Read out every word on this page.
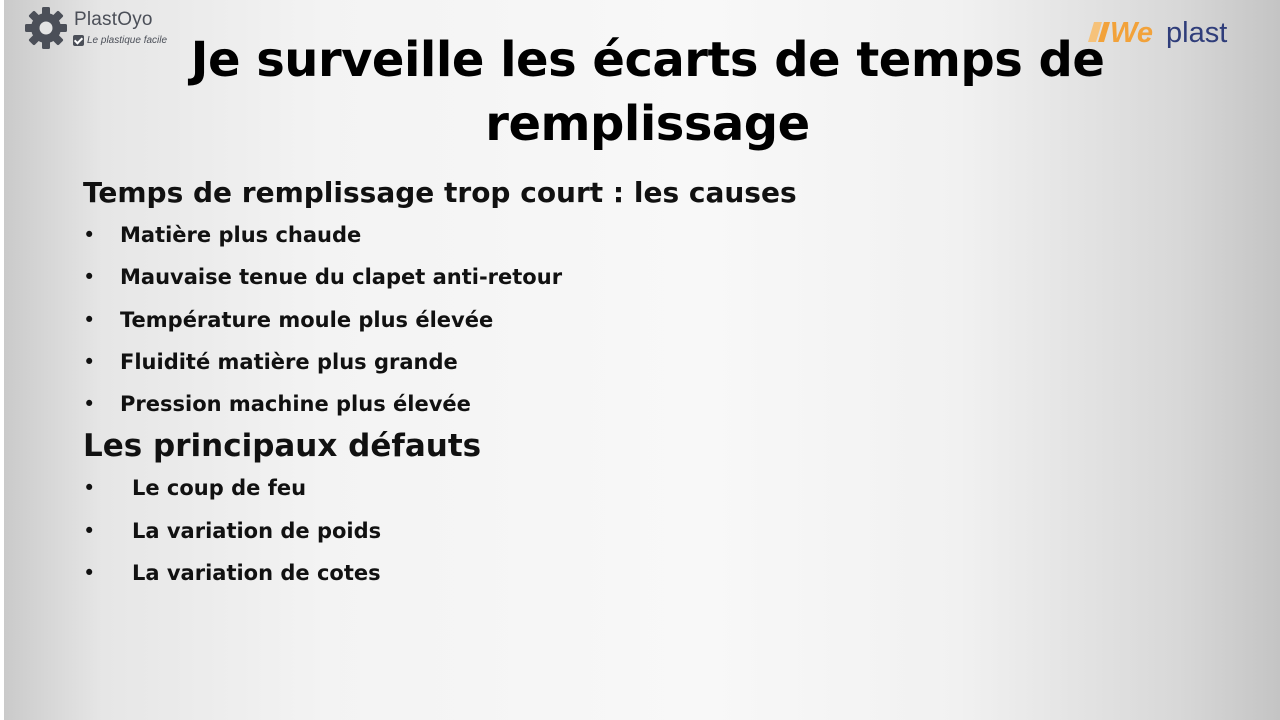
PlastOyo
Le plastique facile	We plast
Je surveille les écarts de temps de remplissage
Temps de remplissage trop court : les causes
• Matière plus chaude
• Mauvaise tenue du clapet anti-retour
• Température moule plus élevée
• Fluidité matière plus grande
• Pression machine plus élevée
Les principaux défauts
• Le coup de feu
• La variation de poids
• La variation de cotes
